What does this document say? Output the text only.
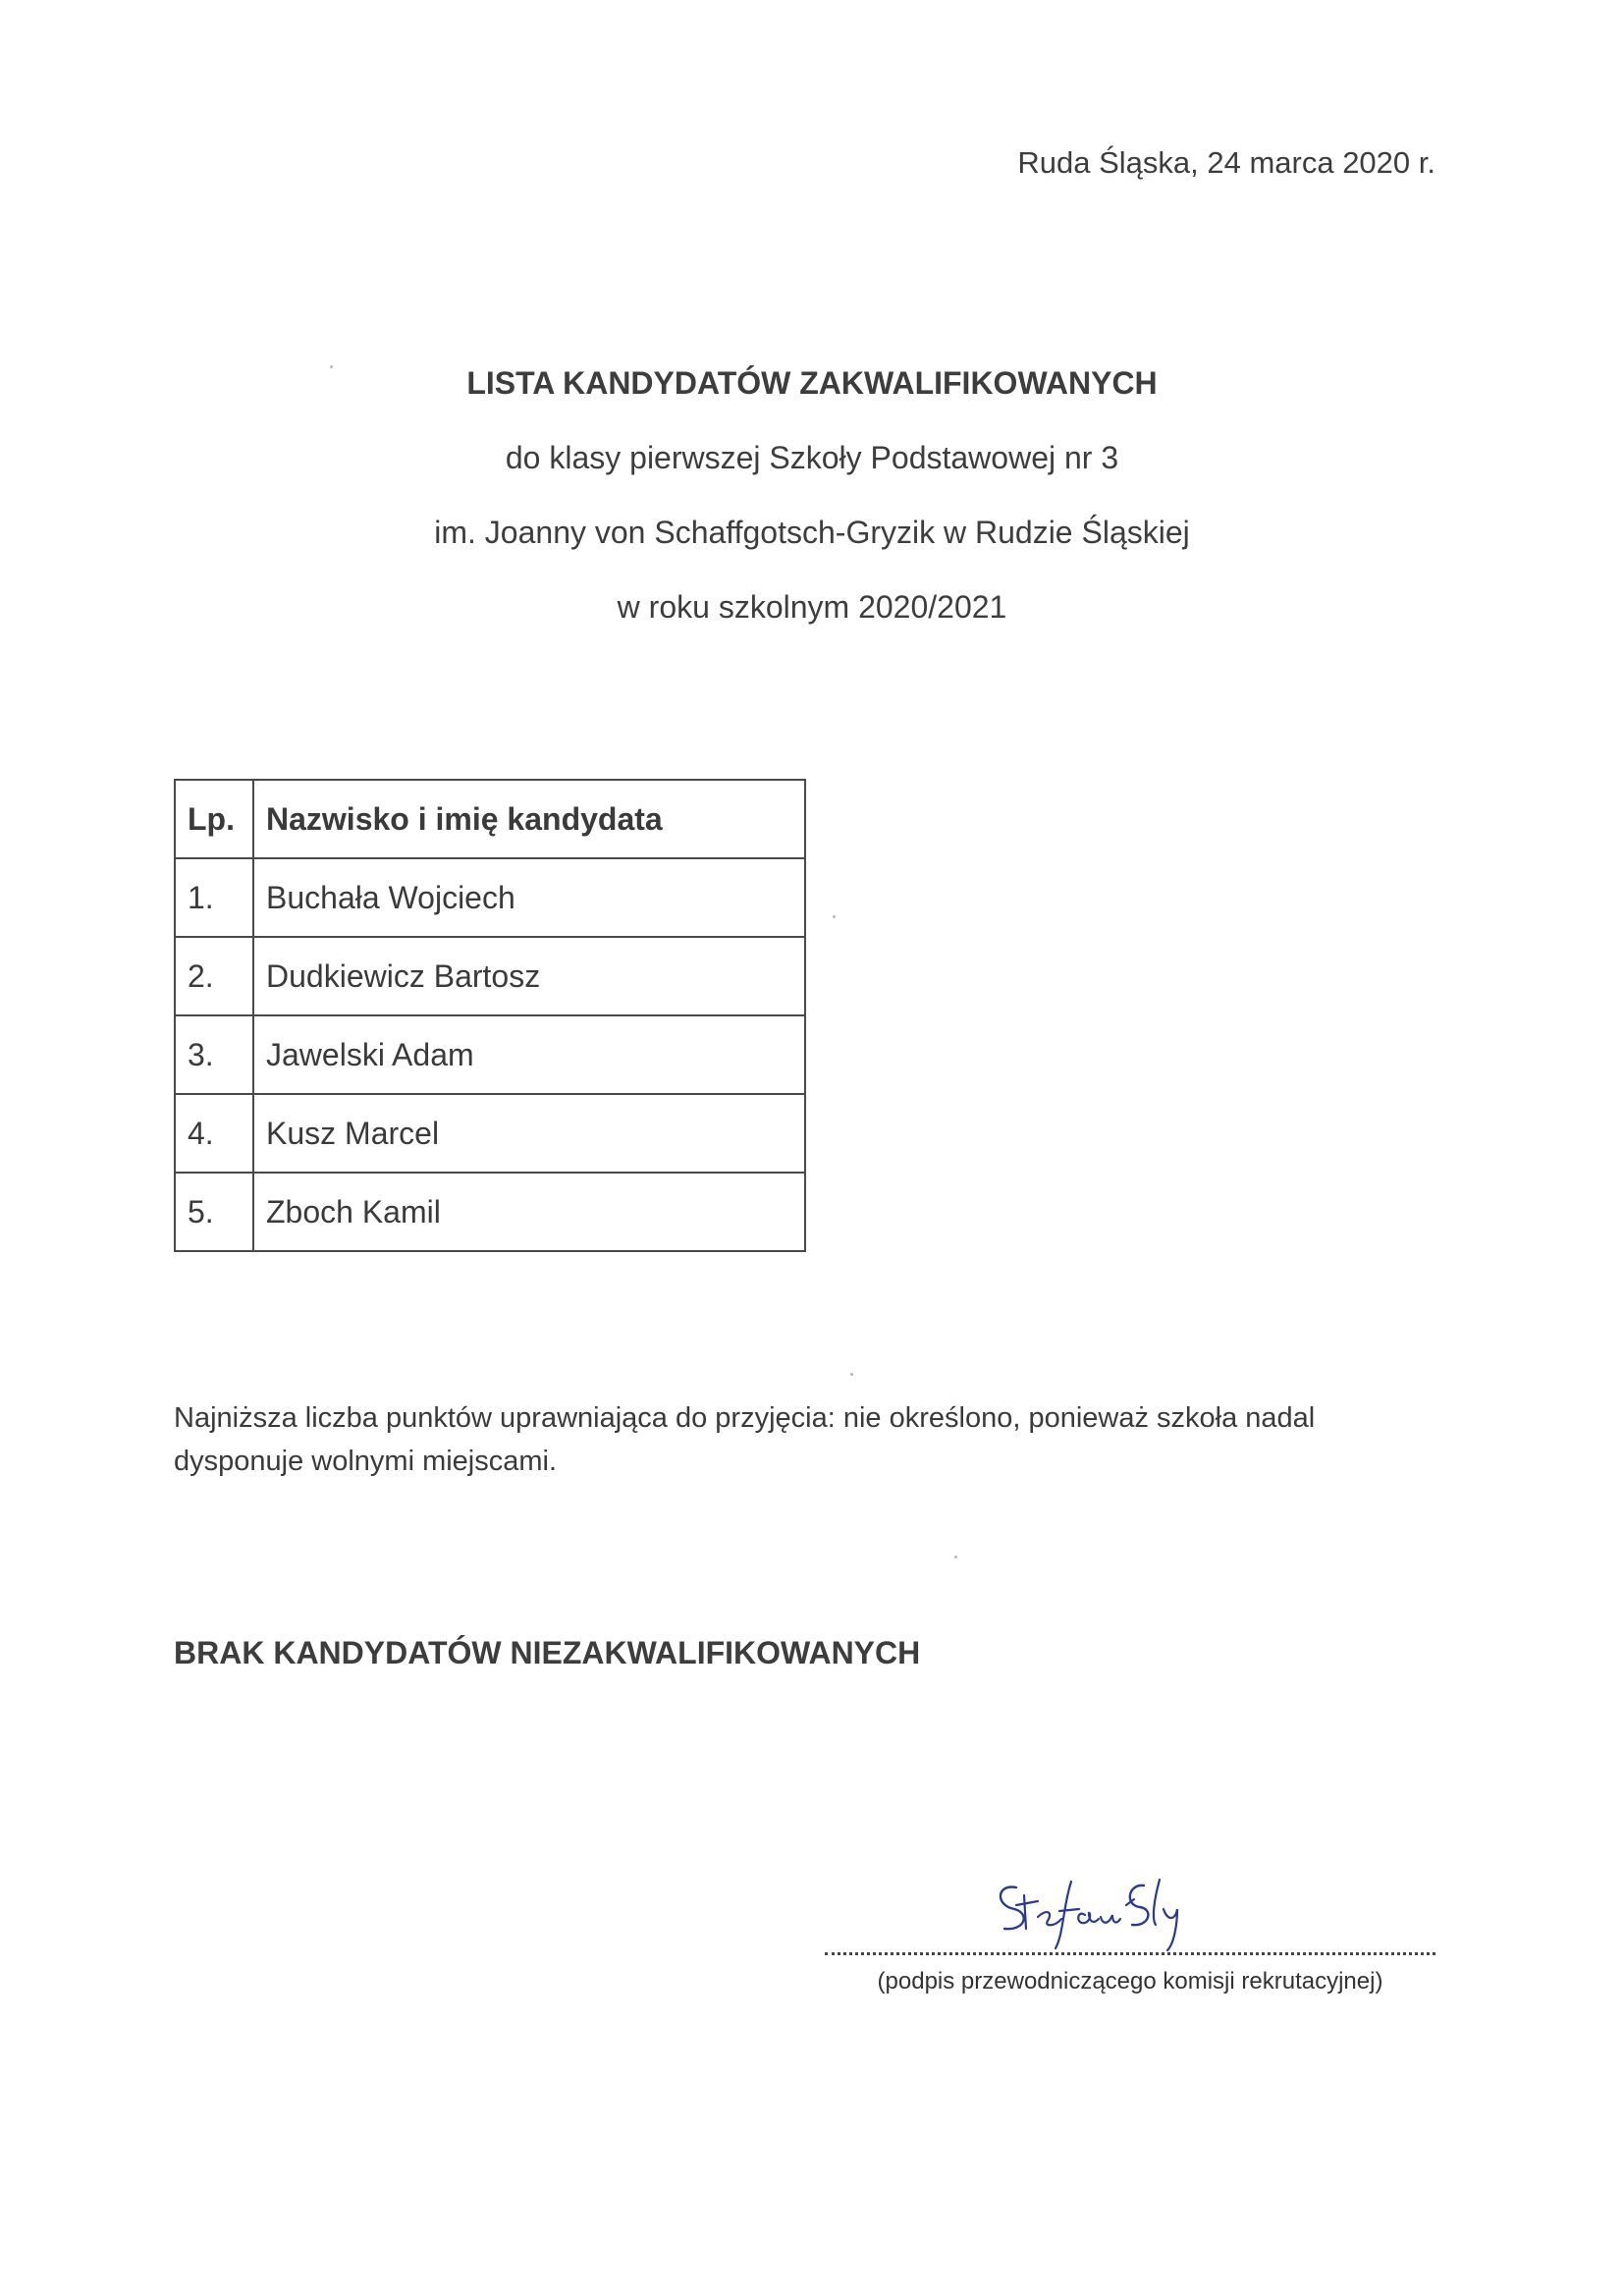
Ruda Śląska, 24 marca 2020 r.
LISTA KANDYDATÓW ZAKWALIFIKOWANYCH
do klasy pierwszej Szkoły Podstawowej nr 3
im. Joanny von Schaffgotsch-Gryzik w Rudzie Śląskiej
w roku szkolnym 2020/2021
Lp.	Nazwisko i imię kandydata
1.	Buchała Wojciech
2.	Dudkiewicz Bartosz
3.	Jawelski Adam
4.	Kusz Marcel
5.	Zboch Kamil
Najniższa liczba punktów uprawniająca do przyjęcia: nie określono, ponieważ szkoła nadal dysponuje wolnymi miejscami.
BRAK KANDYDATÓW NIEZAKWALIFIKOWANYCH
(podpis przewodniczącego komisji rekrutacyjnej)
